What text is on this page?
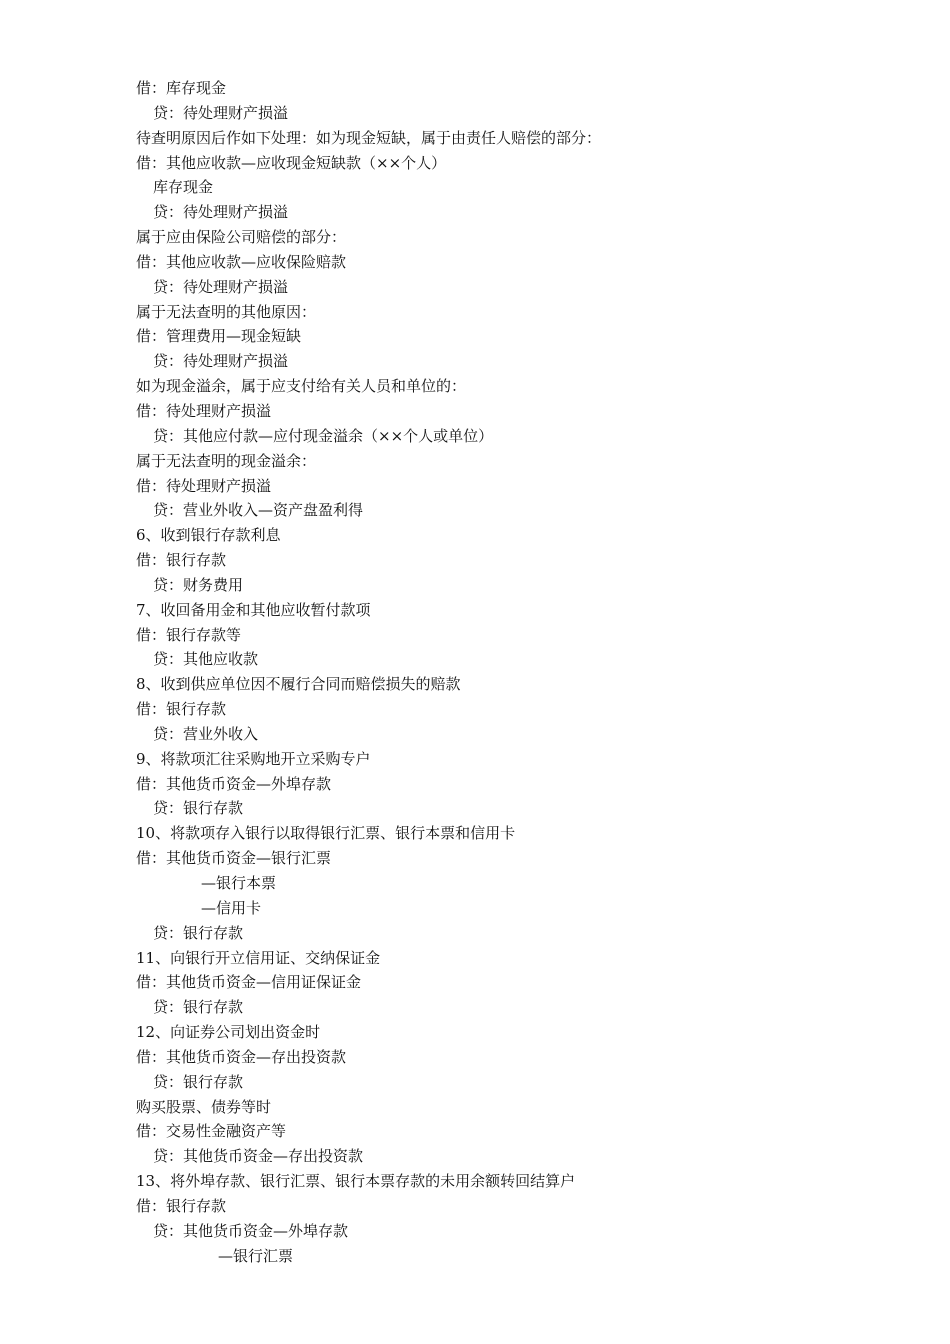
借：库存现金
贷：待处理财产损溢
待查明原因后作如下处理：如为现金短缺，属于由责任人赔偿的部分：
借：其他应收款—应收现金短缺款（××个人）
库存现金
贷：待处理财产损溢
属于应由保险公司赔偿的部分：
借：其他应收款—应收保险赔款
贷：待处理财产损溢
属于无法查明的其他原因：
借：管理费用—现金短缺
贷：待处理财产损溢
如为现金溢余，属于应支付给有关人员和单位的：
借：待处理财产损溢
贷：其他应付款—应付现金溢余（××个人或单位）
属于无法查明的现金溢余：
借：待处理财产损溢
贷：营业外收入—资产盘盈利得
6、收到银行存款利息
借：银行存款
贷：财务费用
7、收回备用金和其他应收暂付款项
借：银行存款等
贷：其他应收款
8、收到供应单位因不履行合同而赔偿损失的赔款
借：银行存款
贷：营业外收入
9、将款项汇往采购地开立采购专户
借：其他货币资金—外埠存款
贷：银行存款
10、将款项存入银行以取得银行汇票、银行本票和信用卡
借：其他货币资金—银行汇票
—银行本票
—信用卡
贷：银行存款
11、向银行开立信用证、交纳保证金
借：其他货币资金—信用证保证金
贷：银行存款
12、向证券公司划出资金时
借：其他货币资金—存出投资款
贷：银行存款
购买股票、债券等时
借：交易性金融资产等
贷：其他货币资金—存出投资款
13、将外埠存款、银行汇票、银行本票存款的未用余额转回结算户
借：银行存款
贷：其他货币资金—外埠存款
—银行汇票
